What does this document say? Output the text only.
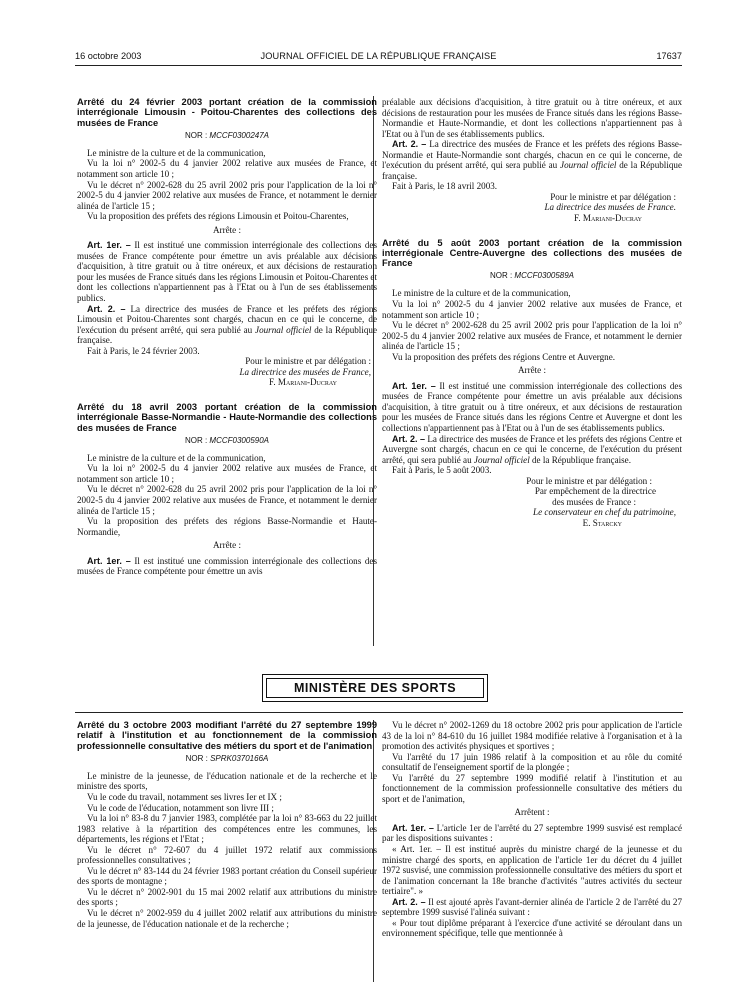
16 octobre 2003	JOURNAL OFFICIEL DE LA RÉPUBLIQUE FRANÇAISE	17637
Arrêté du 24 février 2003 portant création de la commission interrégionale Limousin - Poitou-Charentes des collections des musées de France
NOR : MCCF0300247A

Le ministre de la culture et de la communication,

Vu la loi n° 2002-5 du 4 janvier 2002 relative aux musées de France, et notamment son article 10 ;

Vu le décret n° 2002-628 du 25 avril 2002 pris pour l'application de la loi n° 2002-5 du 4 janvier 2002 relative aux musées de France, et notamment le dernier alinéa de l'article 15 ;

Vu la proposition des préfets des régions Limousin et Poitou-Charentes,

Arrête :

Art. 1er. – Il est institué une commission interrégionale des collections des musées de France compétente pour émettre un avis préalable aux décisions d'acquisition, à titre gratuit ou à titre onéreux, et aux décisions de restauration pour les musées de France situés dans les régions Limousin et Poitou-Charentes et dont les collections n'appartiennent pas à l'Etat ou à l'un de ses établissements publics.

Art. 2. – La directrice des musées de France et les préfets des régions Limousin et Poitou-Charentes sont chargés, chacun en ce qui le concerne, de l'exécution du présent arrêté, qui sera publié au Journal officiel de la République française.

Fait à Paris, le 24 février 2003.

Pour le ministre et par délégation :

La directrice des musées de France,

F. Mariani-Ducray

Arrêté du 18 avril 2003 portant création de la commission interrégionale Basse-Normandie - Haute-Normandie des collections des musées de France
NOR : MCCF0300590A

Le ministre de la culture et de la communication,

Vu la loi n° 2002-5 du 4 janvier 2002 relative aux musées de France, et notamment son article 10 ;

Vu le décret n° 2002-628 du 25 avril 2002 pris pour l'application de la loi n° 2002-5 du 4 janvier 2002 relative aux musées de France, et notamment le dernier alinéa de l'article 15 ;

Vu la proposition des préfets des régions Basse-Normandie et Haute-Normandie,

Arrête :

Art. 1er. – Il est institué une commission interrégionale des collections des musées de France compétente pour émettre un avis

préalable aux décisions d'acquisition, à titre gratuit ou à titre onéreux, et aux décisions de restauration pour les musées de France situés dans les régions Basse-Normandie et Haute-Normandie, et dont les collections n'appartiennent pas à l'Etat ou à l'un de ses établissements publics.

Art. 2. – La directrice des musées de France et les préfets des régions Basse-Normandie et Haute-Normandie sont chargés, chacun en ce qui le concerne, de l'exécution du présent arrêté, qui sera publié au Journal officiel de la République française.

Fait à Paris, le 18 avril 2003.

Pour le ministre et par délégation :

La directrice des musées de France.

F. Mariani-Ducray

Arrêté du 5 août 2003 portant création de la commission interrégionale Centre-Auvergne des collections des musées de France
NOR : MCCF0300589A

Le ministre de la culture et de la communication,

Vu la loi n° 2002-5 du 4 janvier 2002 relative aux musées de France, et notamment son article 10 ;

Vu le décret n° 2002-628 du 25 avril 2002 pris pour l'application de la loi n° 2002-5 du 4 janvier 2002 relative aux musées de France, et notamment le dernier alinéa de l'article 15 ;

Vu la proposition des préfets des régions Centre et Auvergne.

Arrête :

Art. 1er. – Il est institué une commission interrégionale des collections des musées de France compétente pour émettre un avis préalable aux décisions d'acquisition, à titre gratuit ou à titre onéreux, et aux décisions de restauration pour les musées de France situés dans les régions Centre et Auvergne et dont les collections n'appartiennent pas à l'Etat ou à l'un de ses établissements publics.

Art. 2. – La directrice des musées de France et les préfets des régions Centre et Auvergne sont chargés, chacun en ce qui le concerne, de l'exécution du présent arrêté, qui sera publié au Journal officiel de la République française.

Fait à Paris, le 5 août 2003.

Pour le ministre et par délégation :

Par empêchement de la directrice

des musées de France :

Le conservateur en chef du patrimoine,

E. Starcky

MINISTÈRE DES SPORTS
Arrêté du 3 octobre 2003 modifiant l'arrêté du 27 septembre 1999 relatif à l'institution et au fonctionnement de la commission professionnelle consultative des métiers du sport et de l'animation
NOR : SPRK0370166A

Le ministre de la jeunesse, de l'éducation nationale et de la recherche et le ministre des sports,

Vu le code du travail, notamment ses livres Ier et IX ;

Vu le code de l'éducation, notamment son livre III ;

Vu la loi n° 83-8 du 7 janvier 1983, complétée par la loi n° 83-663 du 22 juillet 1983 relative à la répartition des compétences entre les communes, les départements, les régions et l'Etat ;

Vu le décret n° 72-607 du 4 juillet 1972 relatif aux commissions professionnelles consultatives ;

Vu le décret n° 83-144 du 24 février 1983 portant création du Conseil supérieur des sports de montagne ;

Vu le décret n° 2002-901 du 15 mai 2002 relatif aux attributions du ministre des sports ;

Vu le décret n° 2002-959 du 4 juillet 2002 relatif aux attributions du ministre de la jeunesse, de l'éducation nationale et de la recherche ;

Vu le décret n° 2002-1269 du 18 octobre 2002 pris pour application de l'article 43 de la loi n° 84-610 du 16 juillet 1984 modifiée relative à l'organisation et à la promotion des activités physiques et sportives ;

Vu l'arrêté du 17 juin 1986 relatif à la composition et au rôle du comité consultatif de l'enseignement sportif de la plongée ;

Vu l'arrêté du 27 septembre 1999 modifié relatif à l'institution et au fonctionnement de la commission professionnelle consultative des métiers du sport et de l'animation,

Arrêtent :

Art. 1er. – L'article 1er de l'arrêté du 27 septembre 1999 susvisé est remplacé par les dispositions suivantes :

« Art. 1er. – Il est institué auprès du ministre chargé de la jeunesse et du ministre chargé des sports, en application de l'article 1er du décret du 4 juillet 1972 susvisé, une commission professionnelle consultative des métiers du sport et de l'animation concernant la 18e branche d'activités "autres activités du secteur tertiaire". »

Art. 2. – Il est ajouté après l'avant-dernier alinéa de l'article 2 de l'arrêté du 27 septembre 1999 susvisé l'alinéa suivant :

« Pour tout diplôme préparant à l'exercice d'une activité se déroulant dans un environnement spécifique, telle que mentionnée à
